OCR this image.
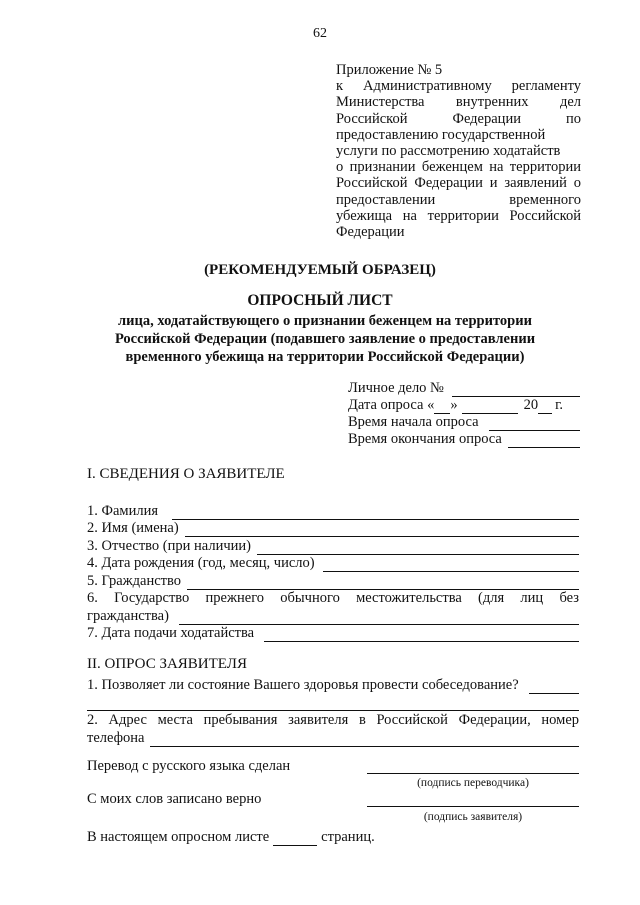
62
Приложение № 5
к Административному регламенту
Министерства внутренних дел
Российской Федерации по
предоставлению государственной
услуги по рассмотрению ходатайств
о признании беженцем на территории
Российской Федерации и заявлений о
предоставлении временного
убежища на территории Российской
Федерации
(РЕКОМЕНДУЕМЫЙ ОБРАЗЕЦ)
ОПРОСНЫЙ ЛИСТ
лица, ходатайствующего о признании беженцем на территории Российской Федерации (подавшего заявление о предоставлении временного убежища на территории Российской Федерации)
Личное дело №
Дата опроса « »	20 г.
Время начала опроса
Время окончания опроса
I. СВЕДЕНИЯ О ЗАЯВИТЕЛЕ
1. Фамилия
2. Имя (имена)
3. Отчество (при наличии)
4. Дата рождения (год, месяц, число)
5. Гражданство
6. Государство прежнего обычного местожительства (для лиц без
гражданства)
7. Дата подачи ходатайства
II. ОПРОС ЗАЯВИТЕЛЯ
1. Позволяет ли состояние Вашего здоровья провести собеседование?
2. Адрес места пребывания заявителя в Российской Федерации, номер
телефона
Перевод с русского языка сделан
(подпись переводчика)
С моих слов записано верно
(подпись заявителя)
В настоящем опросном листе	страниц.
